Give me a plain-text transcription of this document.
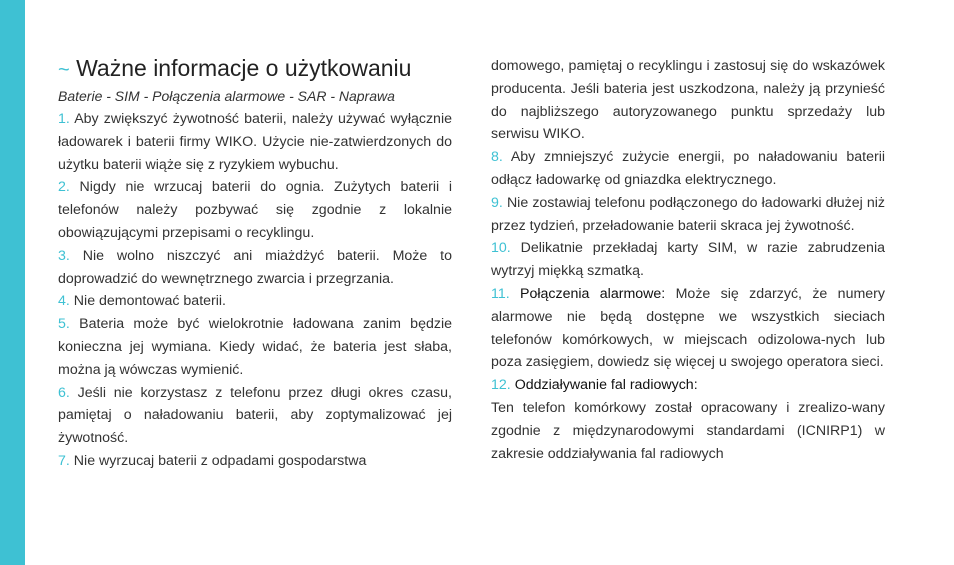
~ Ważne informacje o użytkowaniu
Baterie - SIM - Połączenia alarmowe - SAR - Naprawa

1. Aby zwiększyć żywotność baterii, należy używać wyłącznie ładowarek i baterii firmy WIKO. Użycie nie-zatwierdzonych do użytku baterii wiąże się z ryzykiem wybuchu.

2. Nigdy nie wrzucaj baterii do ognia. Zużytych baterii i telefonów należy pozbywać się zgodnie z lokalnie obowiązującymi przepisami o recyklingu.

3. Nie wolno niszczyć ani miażdżyć baterii. Może to doprowadzić do wewnętrznego zwarcia i przegrzania.

4. Nie demontować baterii.

5. Bateria może być wielokrotnie ładowana zanim będzie konieczna jej wymiana. Kiedy widać, że bateria jest słaba, można ją wówczas wymienić.

6. Jeśli nie korzystasz z telefonu przez długi okres czasu, pamiętaj o naładowaniu baterii, aby zoptymalizować jej żywotność.

7. Nie wyrzucaj baterii z odpadami gospodarstwa

domowego, pamiętaj o recyklingu i zastosuj się do wskazówek producenta. Jeśli bateria jest uszkodzona, należy ją przynieść do najbliższego autoryzowanego punktu sprzedaży lub serwisu WIKO.

8. Aby zmniejszyć zużycie energii, po naładowaniu baterii odłącz ładowarkę od gniazdka elektrycznego.

9. Nie zostawiaj telefonu podłączonego do ładowarki dłużej niż przez tydzień, przeładowanie baterii skraca jej żywotność.

10. Delikatnie przekładaj karty SIM, w razie zabrudzenia wytrzyj miękką szmatką.

11. Połączenia alarmowe: Może się zdarzyć, że numery alarmowe nie będą dostępne we wszystkich sieciach telefonów komórkowych, w miejscach odizolowa-nych lub poza zasięgiem, dowiedz się więcej u swojego operatora sieci.

12. Oddziaływanie fal radiowych:

Ten telefon komórkowy został opracowany i zrealizo-wany zgodnie z międzynarodowymi standardami (ICNIRP1) w zakresie oddziaływania fal radiowych
